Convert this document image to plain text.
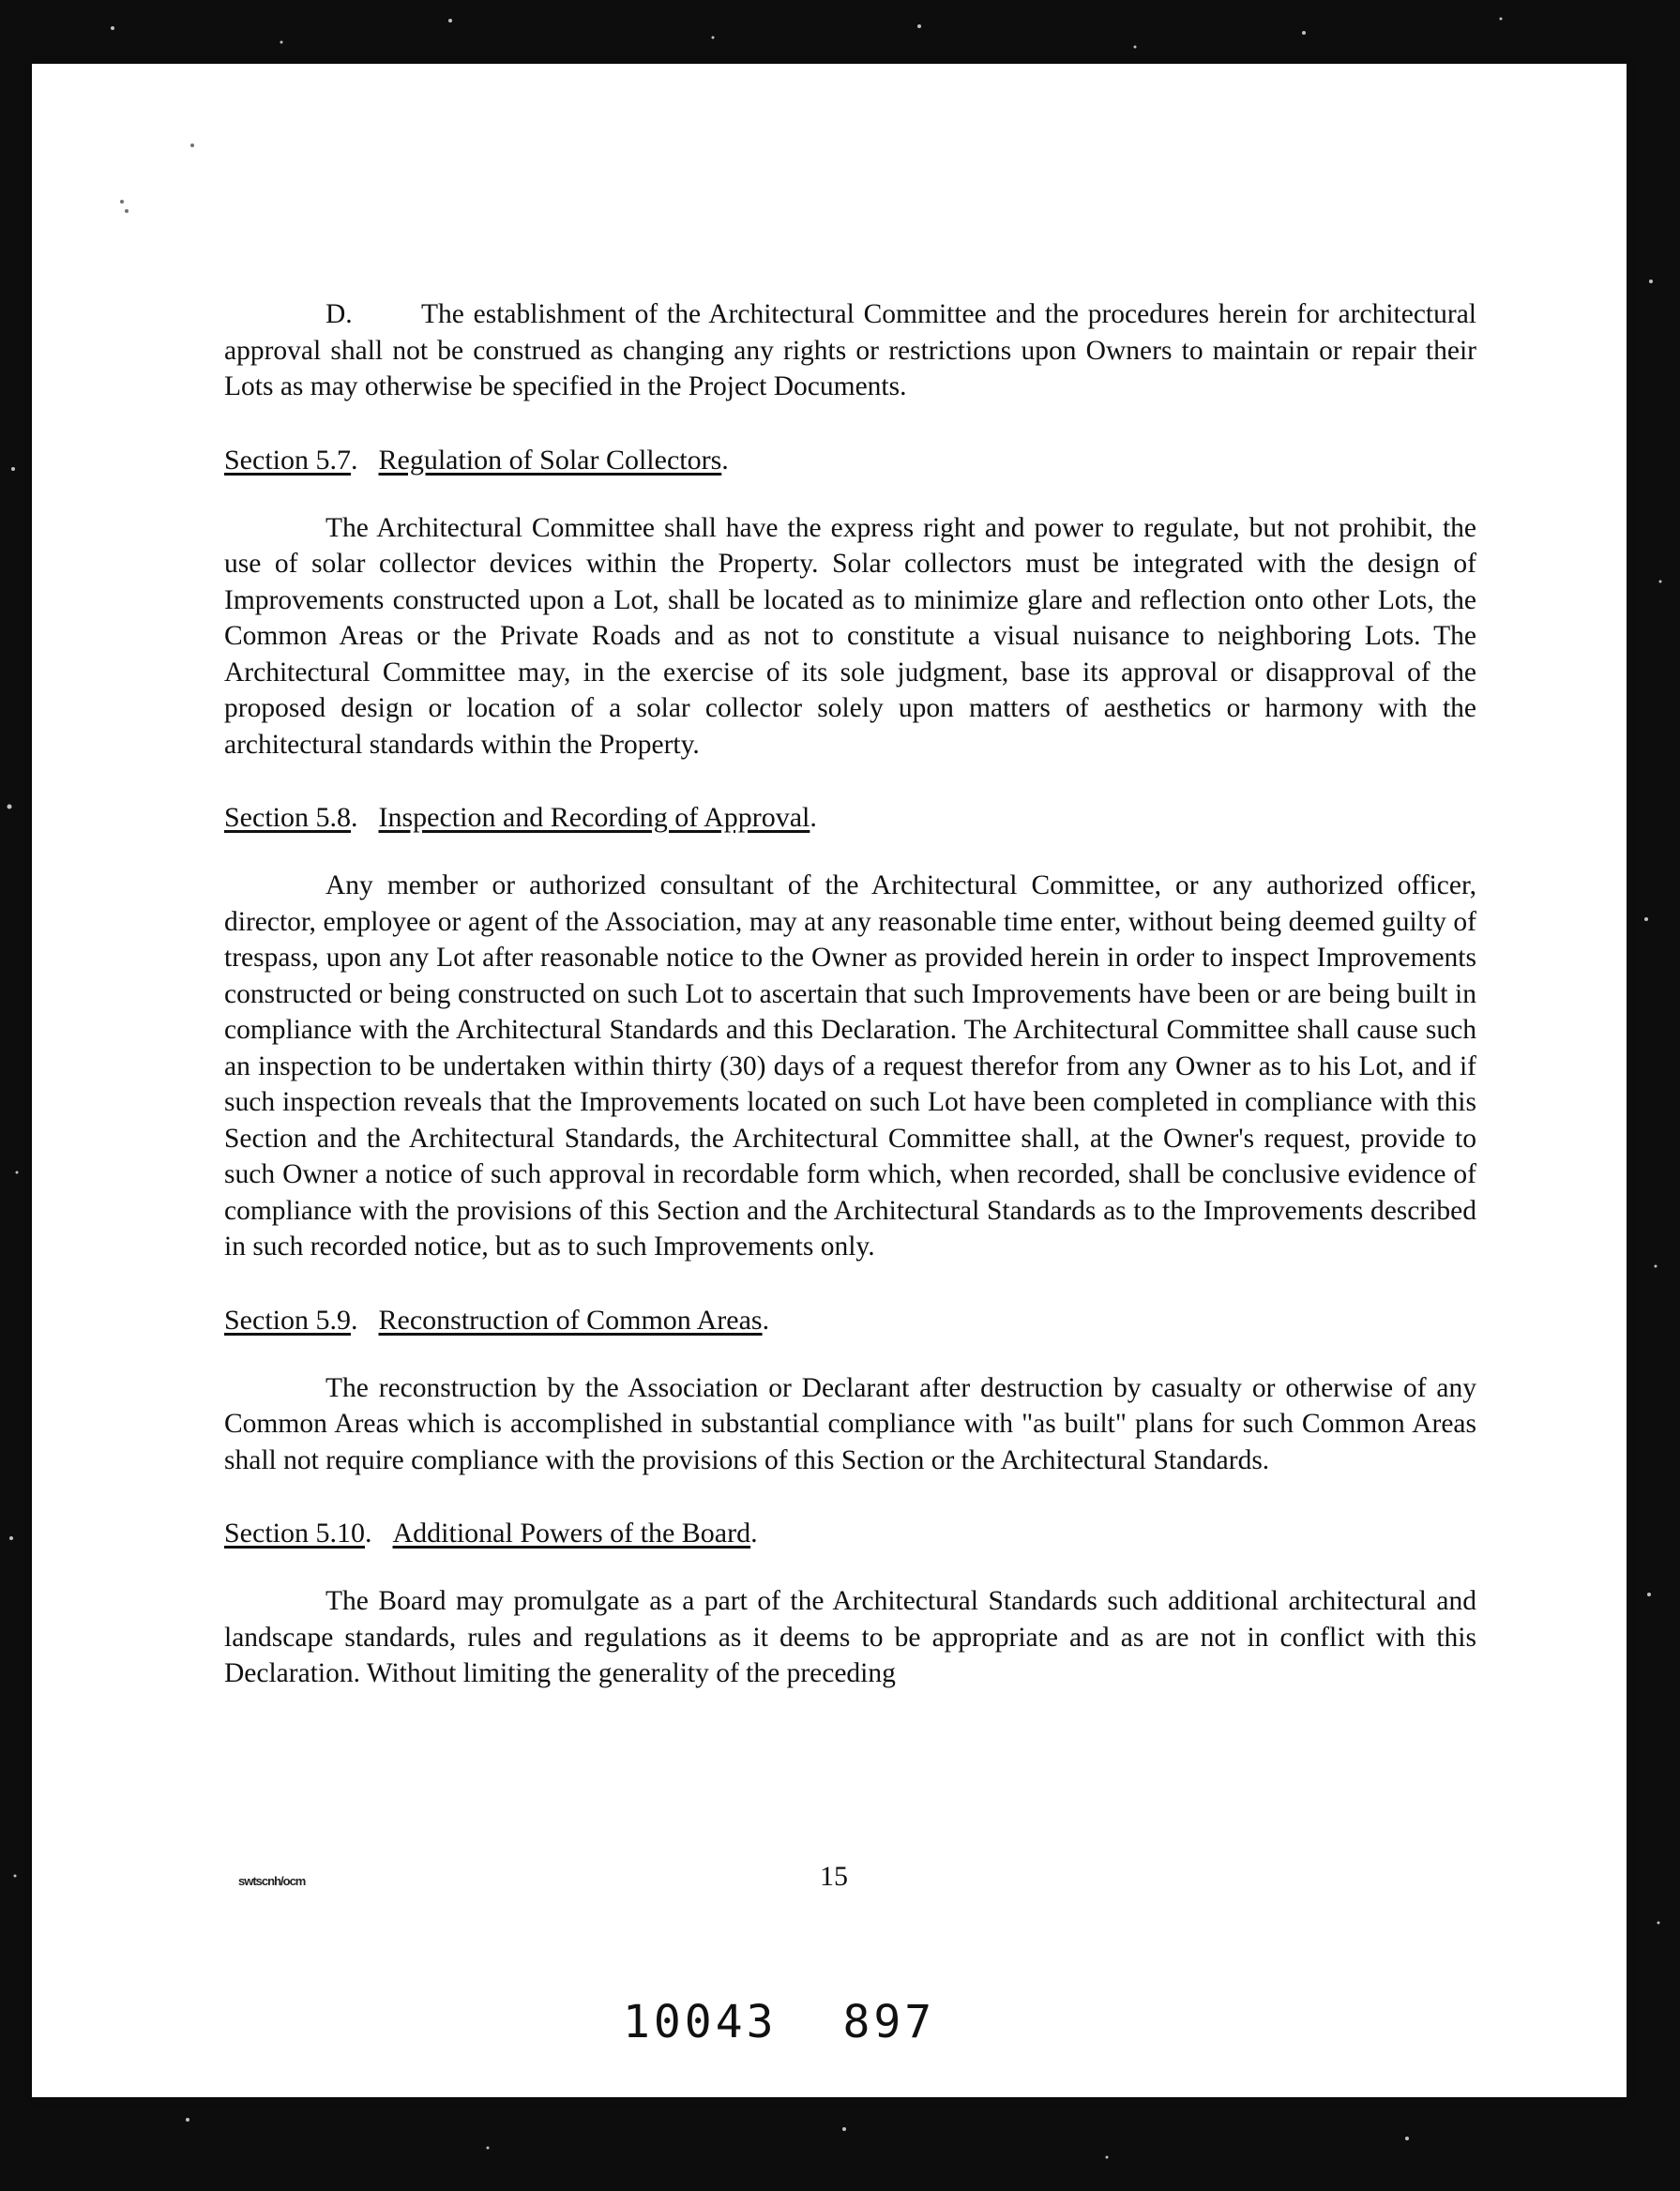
D. The establishment of the Architectural Committee and the procedures herein for architectural approval shall not be construed as changing any rights or restrictions upon Owners to maintain or repair their Lots as may otherwise be specified in the Project Documents.

Section 5.7. Regulation of Solar Collectors.

The Architectural Committee shall have the express right and power to regulate, but not prohibit, the use of solar collector devices within the Property. Solar collectors must be integrated with the design of Improvements constructed upon a Lot, shall be located as to minimize glare and reflection onto other Lots, the Common Areas or the Private Roads and as not to constitute a visual nuisance to neighboring Lots. The Architectural Committee may, in the exercise of its sole judgment, base its approval or disapproval of the proposed design or location of a solar collector solely upon matters of aesthetics or harmony with the architectural standards within the Property.

Section 5.8. Inspection and Recording of Approval.

Any member or authorized consultant of the Architectural Committee, or any authorized officer, director, employee or agent of the Association, may at any reasonable time enter, without being deemed guilty of trespass, upon any Lot after reasonable notice to the Owner as provided herein in order to inspect Improvements constructed or being constructed on such Lot to ascertain that such Improvements have been or are being built in compliance with the Architectural Standards and this Declaration. The Architectural Committee shall cause such an inspection to be undertaken within thirty (30) days of a request therefor from any Owner as to his Lot, and if such inspection reveals that the Improvements located on such Lot have been completed in compliance with this Section and the Architectural Standards, the Architectural Committee shall, at the Owner's request, provide to such Owner a notice of such approval in recordable form which, when recorded, shall be conclusive evidence of compliance with the provisions of this Section and the Architectural Standards as to the Improvements described in such recorded notice, but as to such Improvements only.

Section 5.9. Reconstruction of Common Areas.

The reconstruction by the Association or Declarant after destruction by casualty or otherwise of any Common Areas which is accomplished in substantial compliance with "as built" plans for such Common Areas shall not require compliance with the provisions of this Section or the Architectural Standards.

Section 5.10. Additional Powers of the Board.

The Board may promulgate as a part of the Architectural Standards such additional architectural and landscape standards, rules and regulations as it deems to be appropriate and as are not in conflict with this Declaration. Without limiting the generality of the preceding

swtscnh/ocm	15
10043 897
